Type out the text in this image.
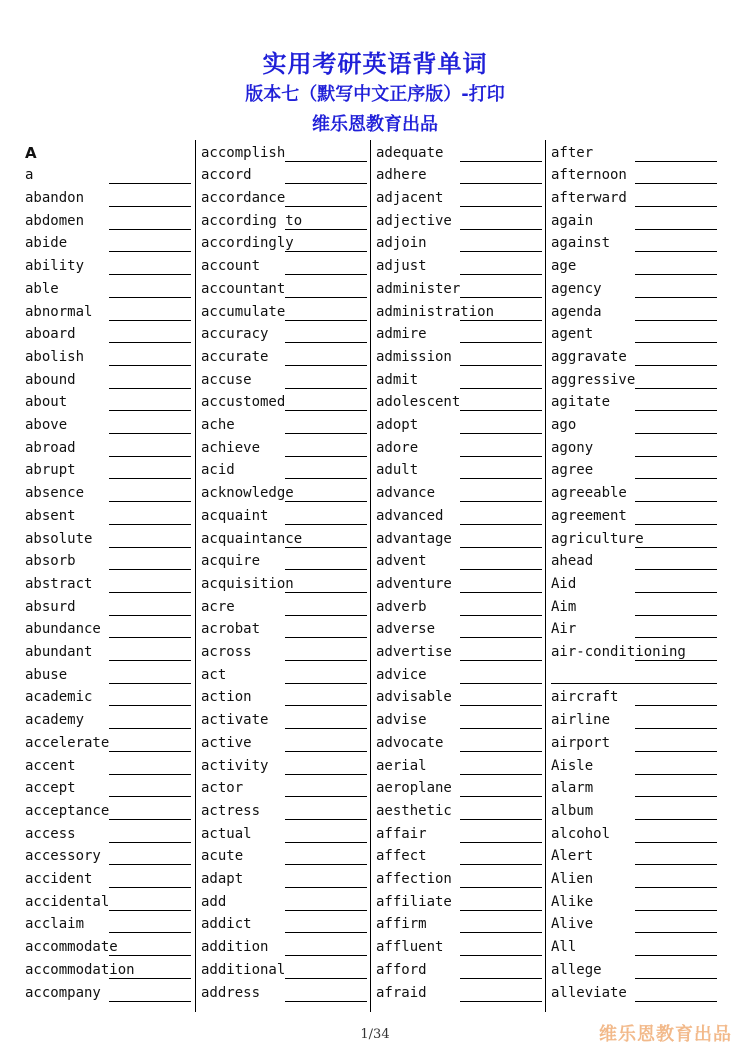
实用考研英语背单词
版本七（默写中文正序版）-打印
维乐恩教育出品
A
a
abandon
abdomen
abide
ability
able
abnormal
aboard
abolish
abound
about
above
abroad
abrupt
absence
absent
absolute
absorb
abstract
absurd
abundance
abundant
abuse
academic
academy
accelerate
accent
accept
acceptance
access
accessory
accident
accidental
acclaim
accommodate
accommodation
accompany
accomplish
accord
accordance
according to
accordingly
account
accountant
accumulate
accuracy
accurate
accuse
accustomed
ache
achieve
acid
acknowledge
acquaint
acquaintance
acquire
acquisition
acre
acrobat
across
act
action
activate
active
activity
actor
actress
actual
acute
adapt
add
addict
addition
additional
address
adequate
adhere
adjacent
adjective
adjoin
adjust
administer
administration
admire
admission
admit
adolescent
adopt
adore
adult
advance
advanced
advantage
advent
adventure
adverb
adverse
advertise
advice
advisable
advise
advocate
aerial
aeroplane
aesthetic
affair
affect
affection
affiliate
affirm
affluent
afford
afraid
after
afternoon
afterward
again
against
age
agency
agenda
agent
aggravate
aggressive
agitate
ago
agony
agree
agreeable
agreement
agriculture
ahead
Aid
Aim
Air
air-conditioning
aircraft
airline
airport
Aisle
alarm
album
alcohol
Alert
Alien
Alike
Alive
All
allege
alleviate
1/34	维乐恩教育出品
